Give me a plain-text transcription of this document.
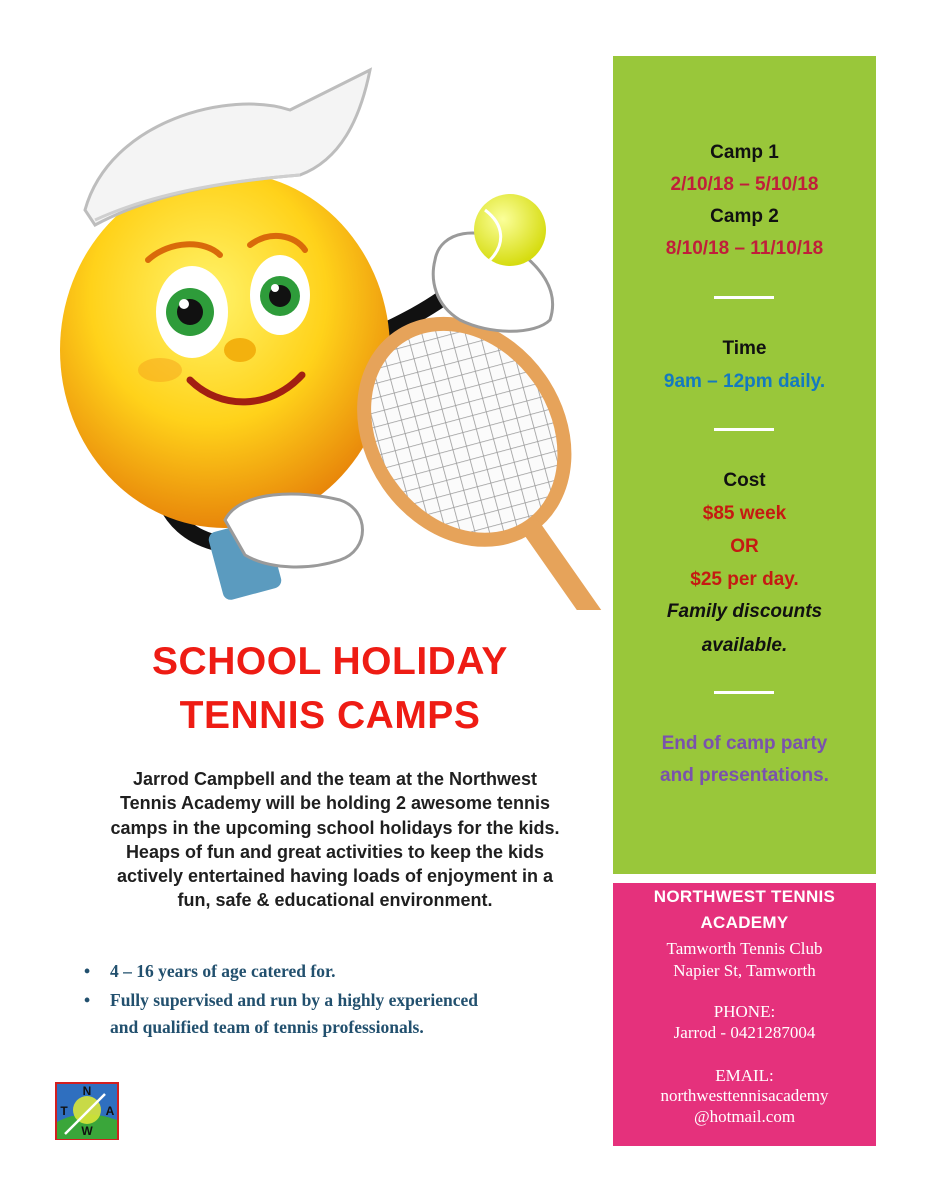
SCHOOL HOLIDAY
TENNIS CAMPS
Jarrod Campbell and the team at the Northwest
Tennis Academy will be holding 2 awesome tennis
camps in the upcoming school holidays for the kids.
Heaps of fun and great activities to keep the kids
actively entertained having loads of enjoyment in a
fun, safe & educational environment.
• 4 – 16 years of age catered for.
• Fully supervised and run by a highly experienced
and qualified team of tennis professionals.
N
T	A
W
Camp 1
2/10/18 – 5/10/18
Camp 2
8/10/18 – 11/10/18
Time
9am – 12pm daily.
Cost
$85 week
OR
$25 per day.
Family discounts
available.
End of camp party
and presentations.
NORTHWEST TENNIS
ACADEMY
Tamworth Tennis Club
Napier St, Tamworth
PHONE:
Jarrod - 0421287004
EMAIL:
northwesttennisacademy
@hotmail.com
